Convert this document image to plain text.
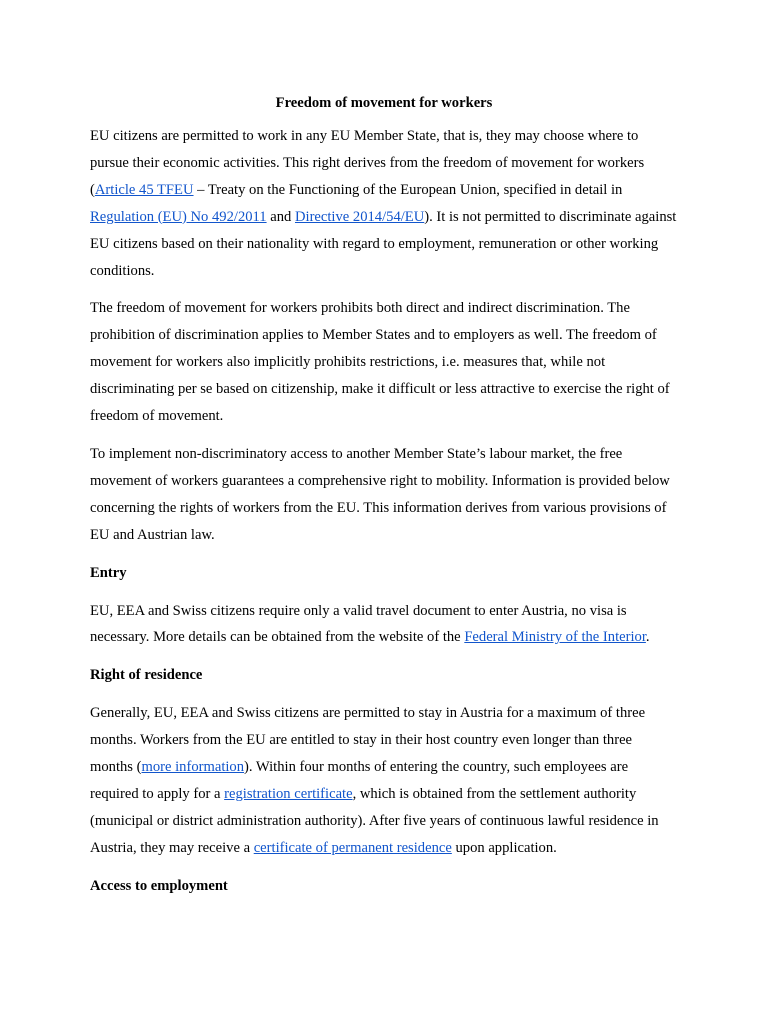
Freedom of movement for workers

EU citizens are permitted to work in any EU Member State, that is, they may choose where to pursue their economic activities. This right derives from the freedom of movement for workers (Article 45 TFEU – Treaty on the Functioning of the European Union, specified in detail in Regulation (EU) No 492/2011 and Directive 2014/54/EU). It is not permitted to discriminate against EU citizens based on their nationality with regard to employment, remuneration or other working conditions.

The freedom of movement for workers prohibits both direct and indirect discrimination. The prohibition of discrimination applies to Member States and to employers as well. The freedom of movement for workers also implicitly prohibits restrictions, i.e. measures that, while not discriminating per se based on citizenship, make it difficult or less attractive to exercise the right of freedom of movement.

To implement non-discriminatory access to another Member State’s labour market, the free movement of workers guarantees a comprehensive right to mobility. Information is provided below concerning the rights of workers from the EU. This information derives from various provisions of EU and Austrian law.

Entry

EU, EEA and Swiss citizens require only a valid travel document to enter Austria, no visa is necessary. More details can be obtained from the website of the Federal Ministry of the Interior.

Right of residence

Generally, EU, EEA and Swiss citizens are permitted to stay in Austria for a maximum of three months. Workers from the EU are entitled to stay in their host country even longer than three months (more information). Within four months of entering the country, such employees are required to apply for a registration certificate, which is obtained from the settlement authority (municipal or district administration authority). After five years of continuous lawful residence in Austria, they may receive a certificate of permanent residence upon application.

Access to employment
